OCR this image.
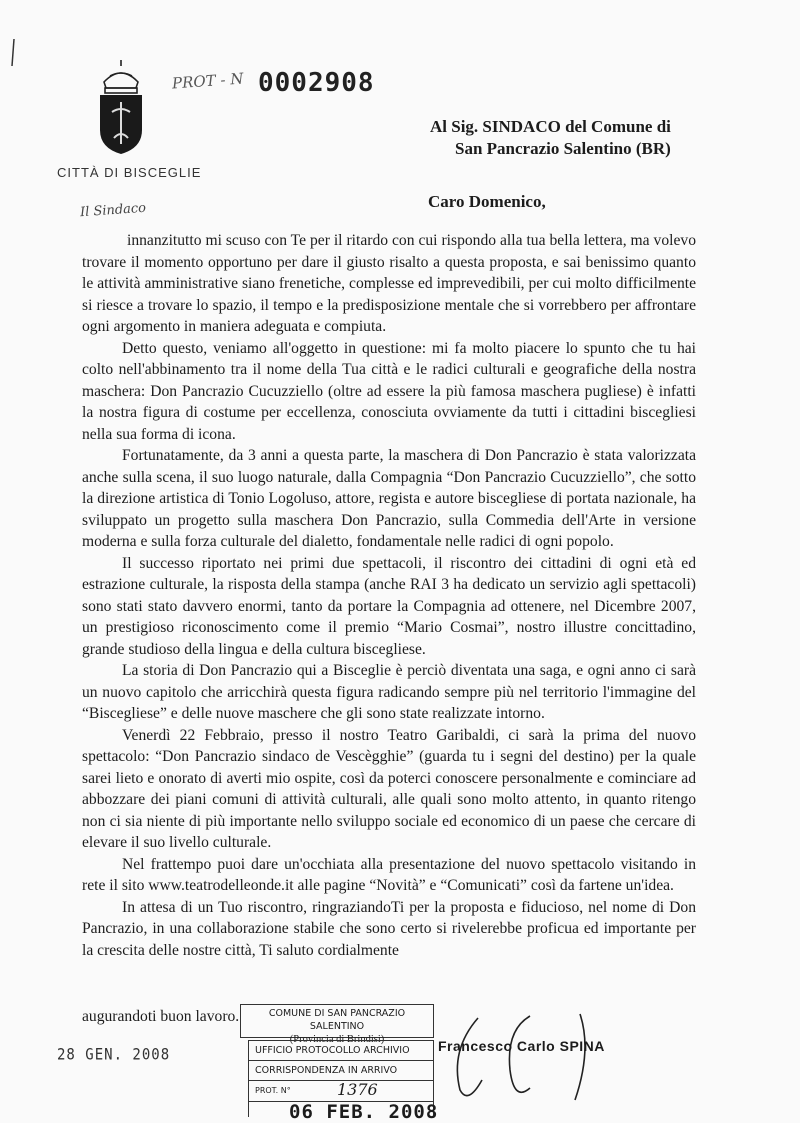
CITTÀ DI BISCEGLIE
Il Sindaco
PROT - N 0002908
Al Sig. SINDACO del Comune di
San Pancrazio Salentino (BR)
Caro Domenico,

innanzitutto mi scuso con Te per il ritardo con cui rispondo alla tua bella lettera, ma volevo trovare il momento opportuno per dare il giusto risalto a questa proposta, e sai benissimo quanto le attività amministrative siano frenetiche, complesse ed imprevedibili, per cui molto difficilmente si riesce a trovare lo spazio, il tempo e la predisposizione mentale che si vorrebbero per affrontare ogni argomento in maniera adeguata e compiuta.

Detto questo, veniamo all'oggetto in questione: mi fa molto piacere lo spunto che tu hai colto nell'abbinamento tra il nome della Tua città e le radici culturali e geografiche della nostra maschera: Don Pancrazio Cucuzziello (oltre ad essere la più famosa maschera pugliese) è infatti la nostra figura di costume per eccellenza, conosciuta ovviamente da tutti i cittadini biscegliesi nella sua forma di icona.

Fortunatamente, da 3 anni a questa parte, la maschera di Don Pancrazio è stata valorizzata anche sulla scena, il suo luogo naturale, dalla Compagnia “Don Pancrazio Cucuzziello”, che sotto la direzione artistica di Tonio Logoluso, attore, regista e autore biscegliese di portata nazionale, ha sviluppato un progetto sulla maschera Don Pancrazio, sulla Commedia dell'Arte in versione moderna e sulla forza culturale del dialetto, fondamentale nelle radici di ogni popolo.

Il successo riportato nei primi due spettacoli, il riscontro dei cittadini di ogni età ed estrazione culturale, la risposta della stampa (anche RAI 3 ha dedicato un servizio agli spettacoli) sono stati stato davvero enormi, tanto da portare la Compagnia ad ottenere, nel Dicembre 2007, un prestigioso riconoscimento come il premio “Mario Cosmai”, nostro illustre concittadino, grande studioso della lingua e della cultura biscegliese.

La storia di Don Pancrazio qui a Bisceglie è perciò diventata una saga, e ogni anno ci sarà un nuovo capitolo che arricchirà questa figura radicando sempre più nel territorio l'immagine del “Biscegliese” e delle nuove maschere che gli sono state realizzate intorno.

Venerdì 22 Febbraio, presso il nostro Teatro Garibaldi, ci sarà la prima del nuovo spettacolo: “Don Pancrazio sindaco de Vescègghie” (guarda tu i segni del destino) per la quale sarei lieto e onorato di averti mio ospite, così da poterci conoscere personalmente e cominciare ad abbozzare dei piani comuni di attività culturali, alle quali sono molto attento, in quanto ritengo non ci sia niente di più importante nello sviluppo sociale ed economico di un paese che cercare di elevare il suo livello culturale.

Nel frattempo puoi dare un'occhiata alla presentazione del nuovo spettacolo visitando in rete il sito www.teatrodelleonde.it alle pagine “Novità” e “Comunicati” così da fartene un'idea.

In attesa di un Tuo riscontro, ringraziandoTi per la proposta e fiducioso, nel nome di Don Pancrazio, in una collaborazione stabile che sono certo si rivelerebbe proficua ed importante per la crescita delle nostre città, Ti saluto cordialmente

augurandoti buon lavoro.
28 GEN. 2008
COMUNE DI SAN PANCRAZIO SALENTINO
(Provincia di Brindisi)
UFFICIO PROTOCOLLO ARCHIVIO
CORRISPONDENZA IN ARRIVO
PROT. N°	1376
06 FEB. 2008
Francesco Carlo SPINA
